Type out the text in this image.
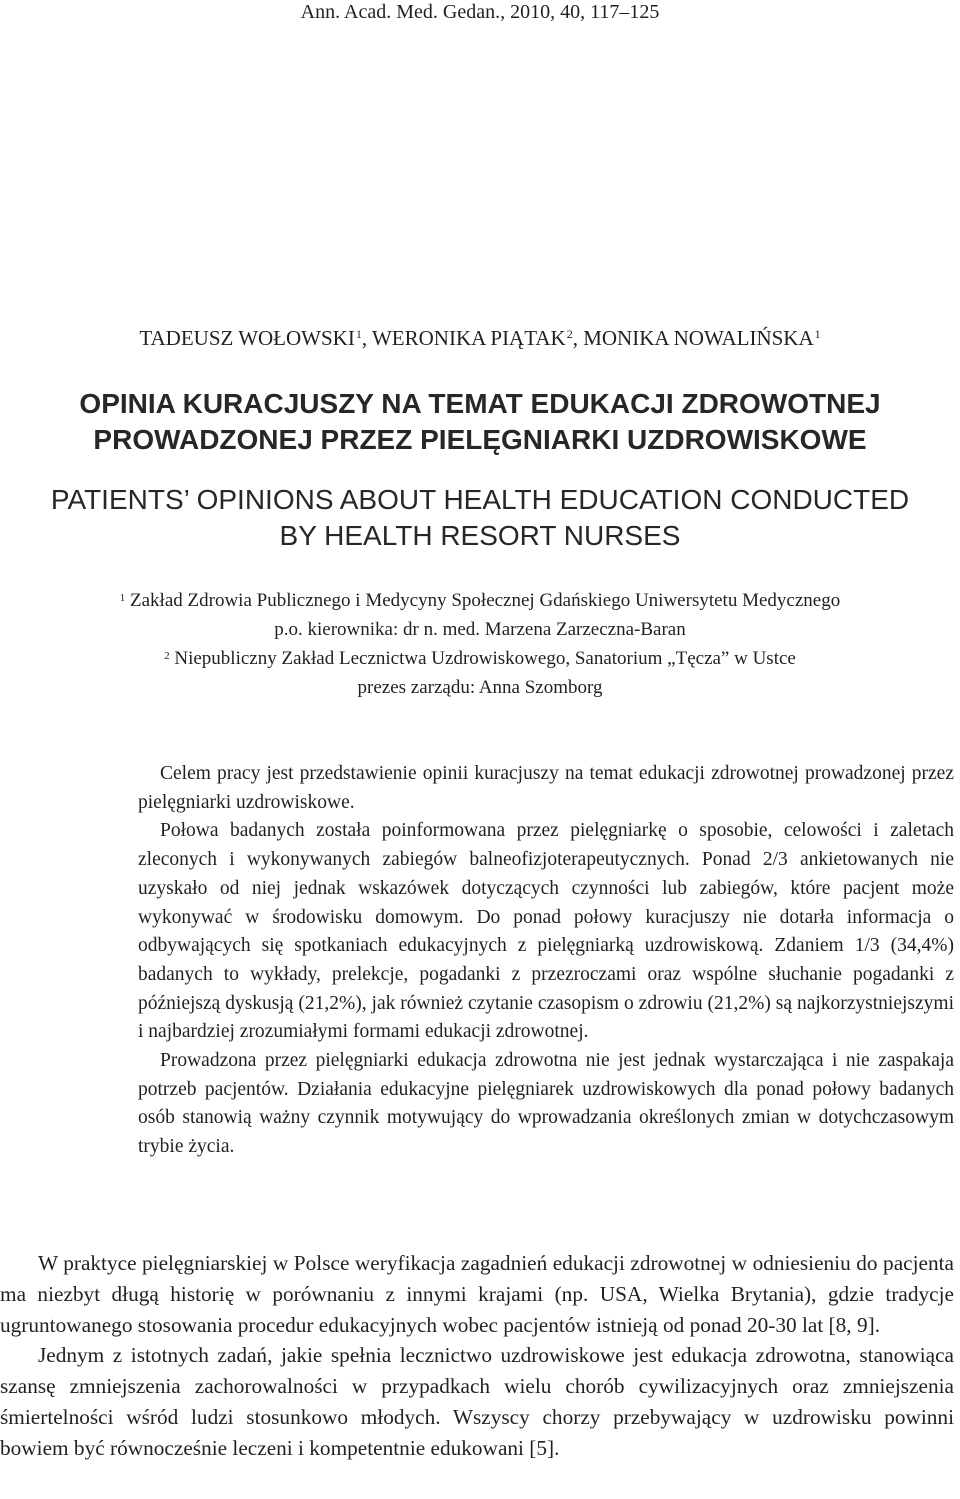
Ann. Acad. Med. Gedan., 2010, 40, 117–125
TADEUSZ WOŁOWSKI $^1$, WERONIKA PIĄTAK $^2$, MONIKA NOWALIŃSKA $^1$
OPINIA KURACJUSZY NA TEMAT EDUKACJI ZDROWOTNEJ
PROWADZONEJ PRZEZ PIELĘGNIARKI UZDROWISKOWE
PATIENTS’ OPINIONS ABOUT HEALTH EDUCATION CONDUCTED
BY HEALTH RESORT NURSES
$^1$ Zakład Zdrowia Publicznego i Medycyny Społecznej Gdańskiego Uniwersytetu Medycznego
p.o. kierownika: dr n. med. Marzena Zarzeczna-Baran
$^2$ Niepubliczny Zakład Lecznictwa Uzdrowiskowego, Sanatorium „Tęcza” w Ustce
prezes zarządu: Anna Szomborg

Celem pracy jest przedstawienie opinii kuracjuszy na temat edukacji zdrowotnej prowadzonej przez pielęgniarki uzdrowiskowe.

Połowa badanych została poinformowana przez pielęgniarkę o sposobie, celowości i zaletach zleconych i wykonywanych zabiegów balneofizjoterapeutycznych. Ponad 2/3 ankietowanych nie uzyskało od niej jednak wskazówek dotyczących czynności lub zabiegów, które pacjent może wykonywać w środowisku domowym. Do ponad połowy kuracjuszy nie dotarła informacja o odbywających się spotkaniach edukacyjnych z pielęgniarką uzdrowiskową. Zdaniem 1/3 (34,4%) badanych to wykłady, prelekcje, pogadanki z przezroczami oraz wspólne słuchanie pogadanki z późniejszą dyskusją (21,2%), jak również czytanie czasopism o zdrowiu (21,2%) są najkorzystniejszymi i najbardziej zrozumiałymi formami edukacji zdrowotnej.

Prowadzona przez pielęgniarki edukacja zdrowotna nie jest jednak wystarczająca i nie zaspakaja potrzeb pacjentów. Działania edukacyjne pielęgniarek uzdrowiskowych dla ponad połowy badanych osób stanowią ważny czynnik motywujący do wprowadzania określonych zmian w dotychczasowym trybie życia.

W praktyce pielęgniarskiej w Polsce weryfikacja zagadnień edukacji zdrowotnej w odniesieniu do pacjenta ma niezbyt długą historię w porównaniu z innymi krajami (np. USA, Wielka Brytania), gdzie tradycje ugruntowanego stosowania procedur edukacyjnych wobec pacjentów istnieją od ponad 20-30 lat [8, 9].

Jednym z istotnych zadań, jakie spełnia lecznictwo uzdrowiskowe jest edukacja zdrowotna, stanowiąca szansę zmniejszenia zachorowalności w przypadkach wielu chorób cywilizacyjnych oraz zmniejszenia śmiertelności wśród ludzi stosunkowo młodych. Wszyscy chorzy przebywający w uzdrowisku powinni bowiem być równocześnie leczeni i kompetentnie edukowani [5].
